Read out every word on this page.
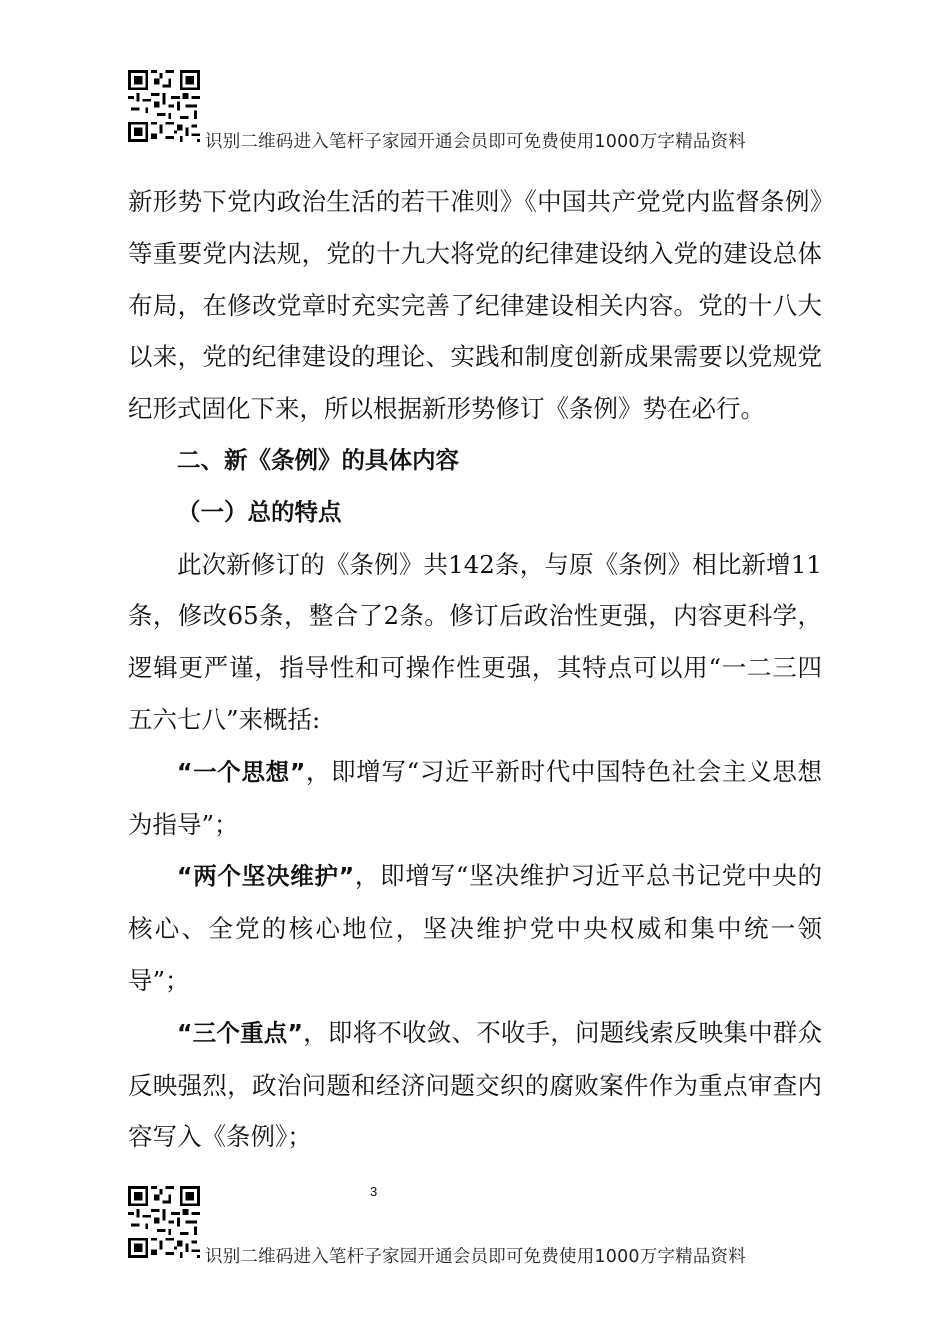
识别二维码进入笔杆子家园开通会员即可免费使用1000万字精品资料

新形势下党内政治生活的若干准则》《中国共产党党内监督条例》等重要党内法规，党的十九大将党的纪律建设纳入党的建设总体布局，在修改党章时充实完善了纪律建设相关内容。党的十八大以来，党的纪律建设的理论、实践和制度创新成果需要以党规党纪形式固化下来，所以根据新形势修订《条例》势在必行。

二、新《条例》的具体内容

（一）总的特点

此次新修订的《条例》共142条，与原《条例》相比新增11条，修改65条，整合了2条。修订后政治性更强，内容更科学，逻辑更严谨，指导性和可操作性更强，其特点可以用“一二三四五六七八”来概括:

“一个思想”，即增写“习近平新时代中国特色社会主义思想为指导”；

“两个坚决维护”，即增写“坚决维护习近平总书记党中央的核心、全党的核心地位，坚决维护党中央权威和集中统一领导”；

“三个重点”，即将不收敛、不收手，问题线索反映集中群众反映强烈，政治问题和经济问题交织的腐败案件作为重点审查内容写入《条例》；

3
识别二维码进入笔杆子家园开通会员即可免费使用1000万字精品资料
